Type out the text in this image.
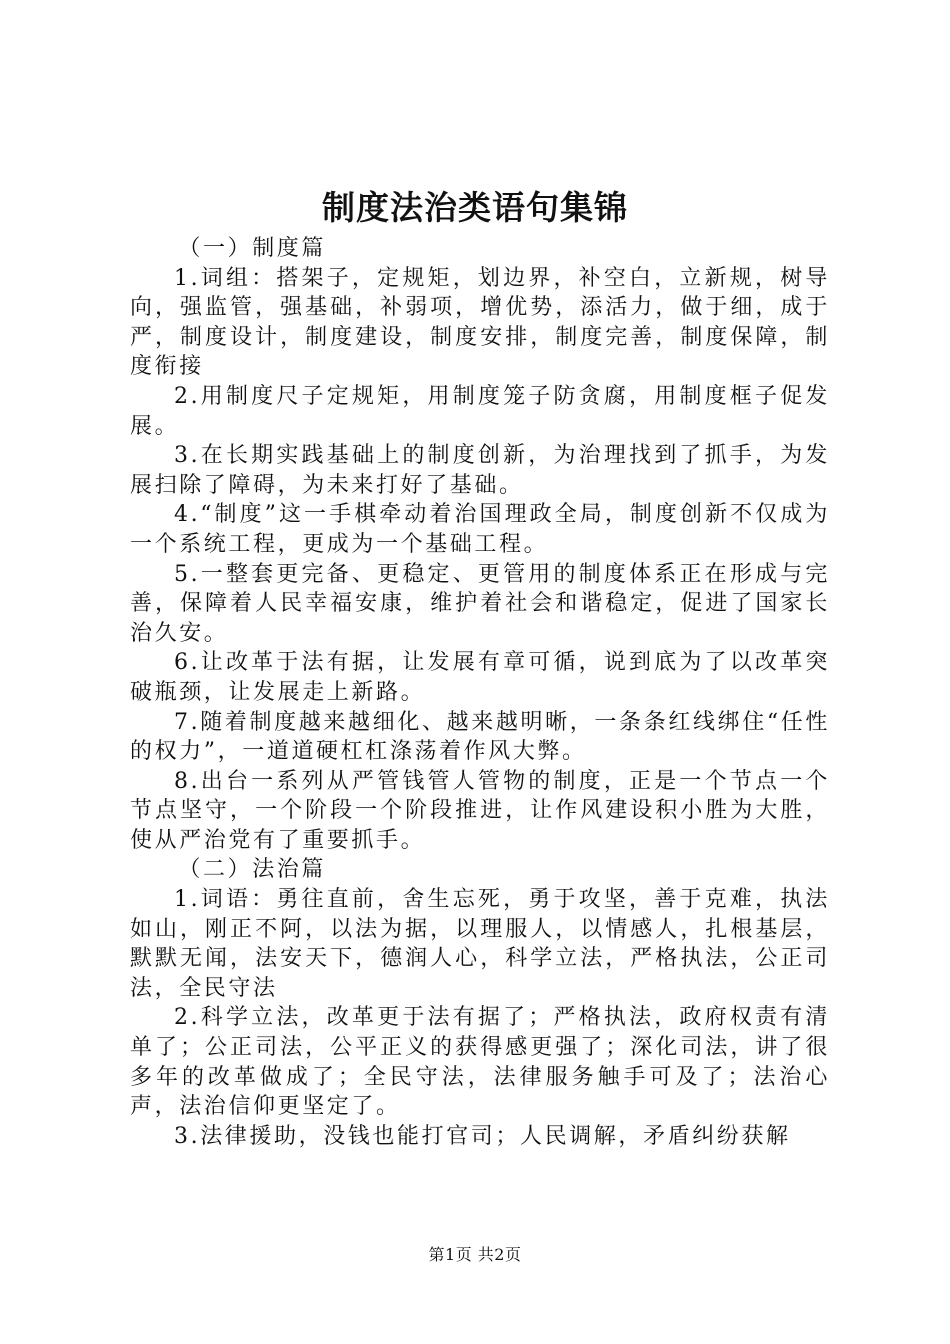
制度法治类语句集锦

（一）制度篇

1.词组：搭架子，定规矩，划边界，补空白，立新规，树导向，强监管，强基础，补弱项，增优势，添活力，做于细，成于严，制度设计，制度建设，制度安排，制度完善，制度保障，制度衔接

2.用制度尺子定规矩，用制度笼子防贪腐，用制度框子促发展。

3.在长期实践基础上的制度创新，为治理找到了抓手，为发展扫除了障碍，为未来打好了基础。

4.“制度”这一手棋牵动着治国理政全局，制度创新不仅成为一个系统工程，更成为一个基础工程。

5.一整套更完备、更稳定、更管用的制度体系正在形成与完善，保障着人民幸福安康，维护着社会和谐稳定，促进了国家长治久安。

6.让改革于法有据，让发展有章可循，说到底为了以改革突破瓶颈，让发展走上新路。

7.随着制度越来越细化、越来越明晰，一条条红线绑住“任性的权力”，一道道硬杠杠涤荡着作风大弊。

8.出台一系列从严管钱管人管物的制度，正是一个节点一个节点坚守，一个阶段一个阶段推进，让作风建设积小胜为大胜，使从严治党有了重要抓手。

（二）法治篇

1.词语：勇往直前，舍生忘死，勇于攻坚，善于克难，执法如山，刚正不阿，以法为据，以理服人，以情感人，扎根基层，默默无闻，法安天下，德润人心，科学立法，严格执法，公正司法，全民守法

2.科学立法，改革更于法有据了；严格执法，政府权责有清单了；公正司法，公平正义的获得感更强了；深化司法，讲了很多年的改革做成了；全民守法，法律服务触手可及了；法治心声，法治信仰更坚定了。

3.法律援助，没钱也能打官司；人民调解，矛盾纠纷获解

第1页 共2页
